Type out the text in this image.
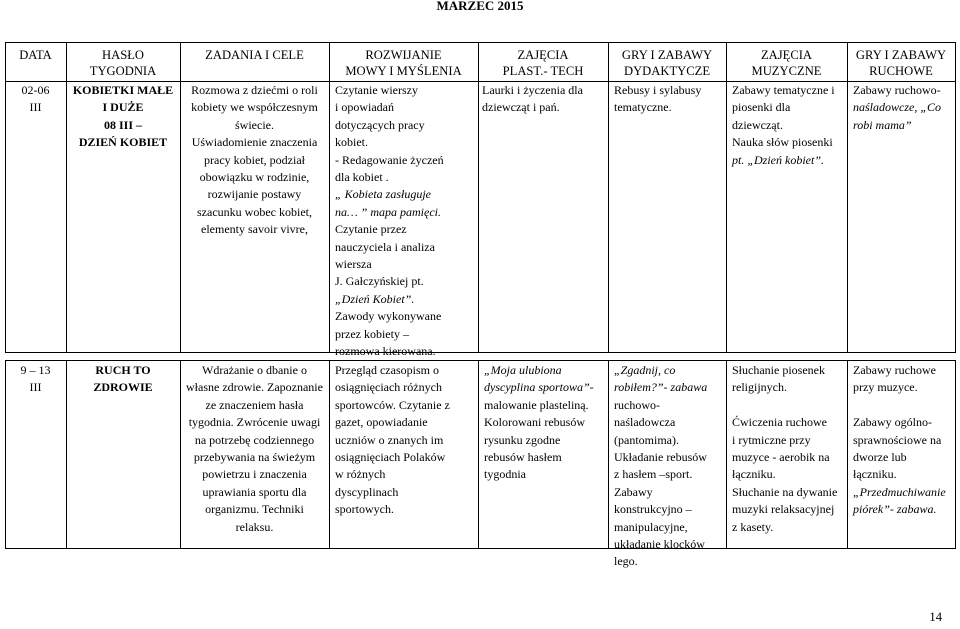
MARZEC 2015
DATA	HASŁO
TYGODNIA
ZADANIA I CELE	ROZWIJANIE
MOWY I MYŚLENIA
ZAJĘCIA
PLAST.- TECH
GRY I ZABAWY
DYDAKTYCZE
ZAJĘCIA
MUZYCZNE
GRY I ZABAWY
RUCHOWE
02-06
III
KOBIETKI MAŁE
I DUŻE
08 III –
DZIEŃ KOBIET
Rozmowa z dziećmi o roli
kobiety we współczesnym
świecie.
Uświadomienie znaczenia
pracy kobiet, podział
obowiązku w rodzinie,
rozwijanie postawy
szacunku wobec kobiet,
elementy savoir vivre,
Czytanie wierszy
i opowiadań
dotyczących pracy
kobiet.
- Redagowanie życzeń
dla kobiet .
„ Kobieta zasługuje
na… ” mapa pamięci.
Czytanie przez
nauczyciela i analiza
wiersza
J. Gałczyńskiej pt.
„Dzień Kobiet”.
Zawody wykonywane
przez kobiety –
rozmowa kierowana.
Laurki i życzenia dla
dziewcząt i pań.
Rebusy i sylabusy
tematyczne.
Zabawy tematyczne i
piosenki dla
dziewcząt.
Nauka słów piosenki
pt. „Dzień kobiet”.
Zabawy ruchowo-
naśladowcze, „Co
robi mama”
9 – 13
III
RUCH TO
ZDROWIE
Wdrażanie o dbanie o
własne zdrowie. Zapoznanie
ze znaczeniem hasła
tygodnia. Zwrócenie uwagi
na potrzebę codziennego
przebywania na świeżym
powietrzu i znaczenia
uprawiania sportu dla
organizmu. Techniki
relaksu.
Przegląd czasopism o
osiągnięciach różnych
sportowców. Czytanie z
gazet, opowiadanie
uczniów o znanych im
osiągnięciach Polaków
w różnych
dyscyplinach
sportowych.
„Moja ulubiona
dyscyplina sportowa”-
malowanie plasteliną.
Kolorowani rebusów
rysunku zgodne
rebusów hasłem
tygodnia
„Zgadnij, co
robiłem?”- zabawa
ruchowo-
naśladowcza
(pantomima).
Układanie rebusów
z hasłem –sport.
Zabawy
konstrukcyjno –
manipulacyjne,
układanie klocków
lego.
Słuchanie piosenek
religijnych.
Ćwiczenia ruchowe
i rytmiczne przy
muzyce - aerobik na
łączniku.
Słuchanie na dywanie
muzyki relaksacyjnej
z kasety.
Zabawy ruchowe
przy muzyce.
Zabawy ogólno-
sprawnościowe na
dworze lub
łączniku.
„Przedmuchiwanie
piórek”- zabawa.
14
